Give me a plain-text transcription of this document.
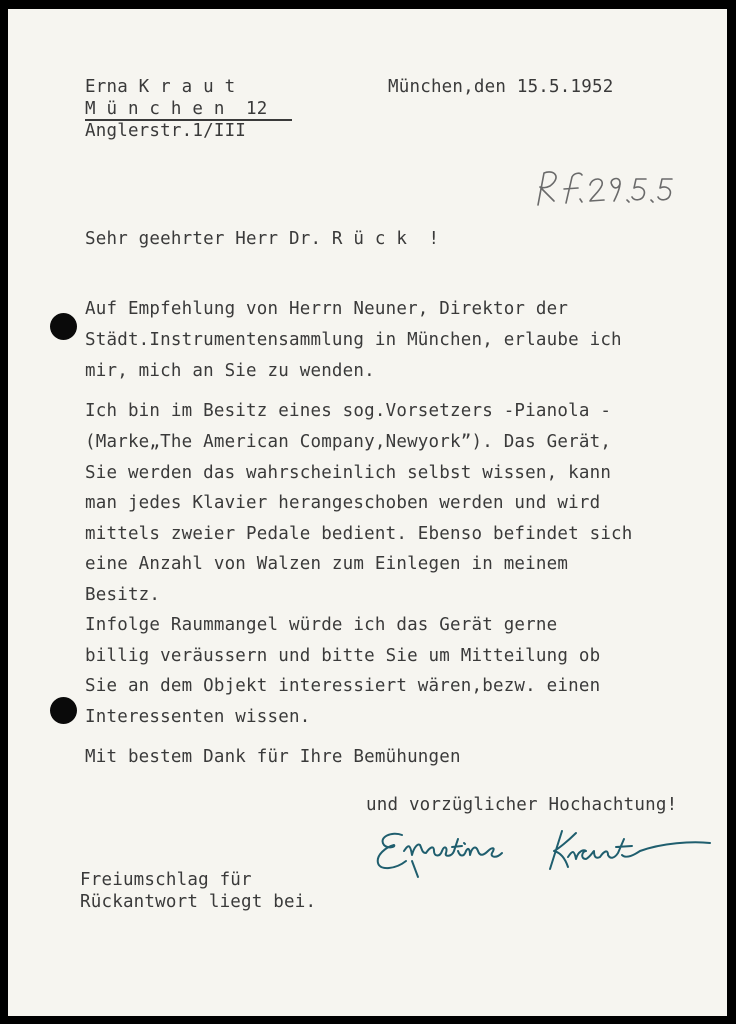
Erna K r a u t
M ü n c h e n  12
Anglerstr.1/III
München,den 15.5.1952
Sehr geehrter Herr Dr. R ü c k  !
Auf Empfehlung von Herrn Neuner, Direktor der
Städt.Instrumentensammlung in München, erlaube ich
mir, mich an Sie zu wenden.
Ich bin im Besitz eines sog.Vorsetzers -Pianola -
(Marke„The American Company,Newyork”). Das Gerät,
Sie werden das wahrscheinlich selbst wissen, kann
man jedes Klavier herangeschoben werden und wird
mittels zweier Pedale bedient. Ebenso befindet sich
eine Anzahl von Walzen zum Einlegen in meinem
Besitz.
Infolge Raummangel würde ich das Gerät gerne
billig veräussern und bitte Sie um Mitteilung ob
Sie an dem Objekt interessiert wären,bezw. einen
Interessenten wissen.
Mit bestem Dank für Ihre Bemühungen
und vorzüglicher Hochachtung!
Freiumschlag für
Rückantwort liegt bei.
